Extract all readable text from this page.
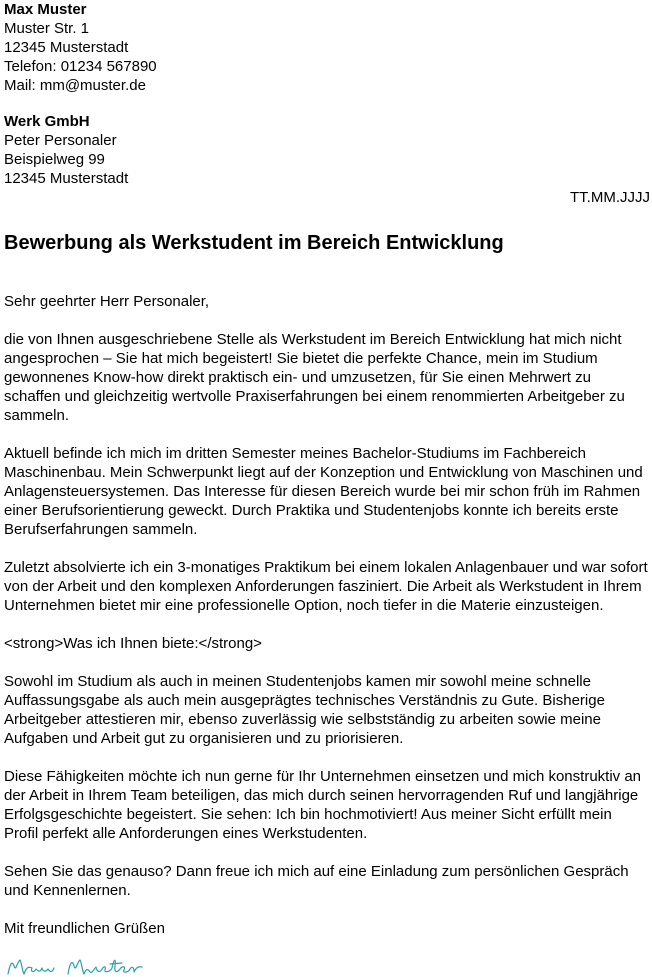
Max Muster
Muster Str. 1
12345 Musterstadt
Telefon: 01234 567890
Mail: mm@muster.de
Werk GmbH
Peter Personaler
Beispielweg 99
12345 Musterstadt
TT.MM.JJJJ
Bewerbung als Werkstudent im Bereich Entwicklung

Sehr geehrter Herr Personaler,

die von Ihnen ausgeschriebene Stelle als Werkstudent im Bereich Entwicklung hat mich nicht angesprochen – Sie hat mich begeistert! Sie bietet die perfekte Chance, mein im Studium gewonnenes Know-how direkt praktisch ein- und umzusetzen, für Sie einen Mehrwert zu schaffen und gleichzeitig wertvolle Praxiserfahrungen bei einem renommierten Arbeitgeber zu sammeln.

Aktuell befinde ich mich im dritten Semester meines Bachelor-Studiums im Fachbereich Maschinenbau. Mein Schwerpunkt liegt auf der Konzeption und Entwicklung von Maschinen und Anlagensteuersystemen. Das Interesse für diesen Bereich wurde bei mir schon früh im Rahmen einer Berufsorientierung geweckt. Durch Praktika und Studentenjobs konnte ich bereits erste Berufserfahrungen sammeln.

Zuletzt absolvierte ich ein 3-monatiges Praktikum bei einem lokalen Anlagenbauer und war sofort von der Arbeit und den komplexen Anforderungen fasziniert. Die Arbeit als Werkstudent in Ihrem Unternehmen bietet mir eine professionelle Option, noch tiefer in die Materie einzusteigen.

<strong>Was ich Ihnen biete:</strong>

Sowohl im Studium als auch in meinen Studentenjobs kamen mir sowohl meine schnelle Auffassungsgabe als auch mein ausgeprägtes technisches Verständnis zu Gute. Bisherige Arbeitgeber attestieren mir, ebenso zuverlässig wie selbstständig zu arbeiten sowie meine Aufgaben und Arbeit gut zu organisieren und zu priorisieren.

Diese Fähigkeiten möchte ich nun gerne für Ihr Unternehmen einsetzen und mich konstruktiv an der Arbeit in Ihrem Team beteiligen, das mich durch seinen hervorragenden Ruf und langjährige Erfolgsgeschichte begeistert. Sie sehen: Ich bin hochmotiviert! Aus meiner Sicht erfüllt mein Profil perfekt alle Anforderungen eines Werkstudenten.

Sehen Sie das genauso? Dann freue ich mich auf eine Einladung zum persönlichen Gespräch und Kennenlernen.

Mit freundlichen Grüßen
